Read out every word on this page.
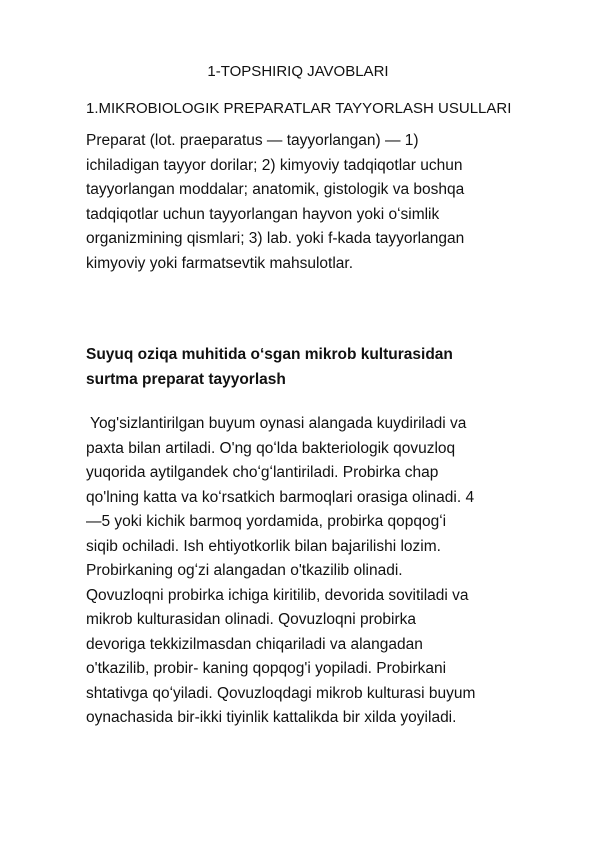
1-TOPSHIRIQ JAVOBLARI
1.MIKROBIOLOGIK PREPARATLAR TAYYORLASH USULLARI

Preparat (lot. praeparatus — tayyorlangan) — 1)
ichiladigan tayyor dorilar; 2) kimyoviy tadqiqotlar uchun
tayyorlangan moddalar; anatomik, gistologik va boshqa
tadqiqotlar uchun tayyorlangan hayvon yoki oʻsimlik
organizmining qismlari; 3) lab. yoki f-kada tayyorlangan
kimyoviy yoki farmatsevtik mahsulotlar.

Suyuq oziqa muhitida oʻsgan mikrob kulturasidan
surtma preparat tayyorlash

Yog'sizlantirilgan buyum oynasi alangada kuydiriladi va
paxta bilan artiladi. O'ng qoʻlda bakteriologik qovuzloq
yuqorida aytilgandek choʻgʻlantiriladi. Probirka chap
qo'lning katta va koʻrsatkich barmoqlari orasiga olinadi. 4
—5 yoki kichik barmoq yordamida, probirka qopqogʻi
siqib ochiladi. Ish ehtiyotkorlik bilan bajarilishi lozim.
Probirkaning ogʻzi alangadan o'tkazilib olinadi.
Qovuzloqni probirka ichiga kiritilib, devorida sovitiladi va
mikrob kulturasidan olinadi. Qovuzloqni probirka
devoriga tekkizilmasdan chiqariladi va alangadan
o'tkazilib, probir- kaning qopqog'i yopiladi. Probirkani
shtativga qoʻyiladi. Qovuzloqdagi mikrob kulturasi buyum
oynachasida bir-ikki tiyinlik kattalikda bir xilda yoyiladi.
